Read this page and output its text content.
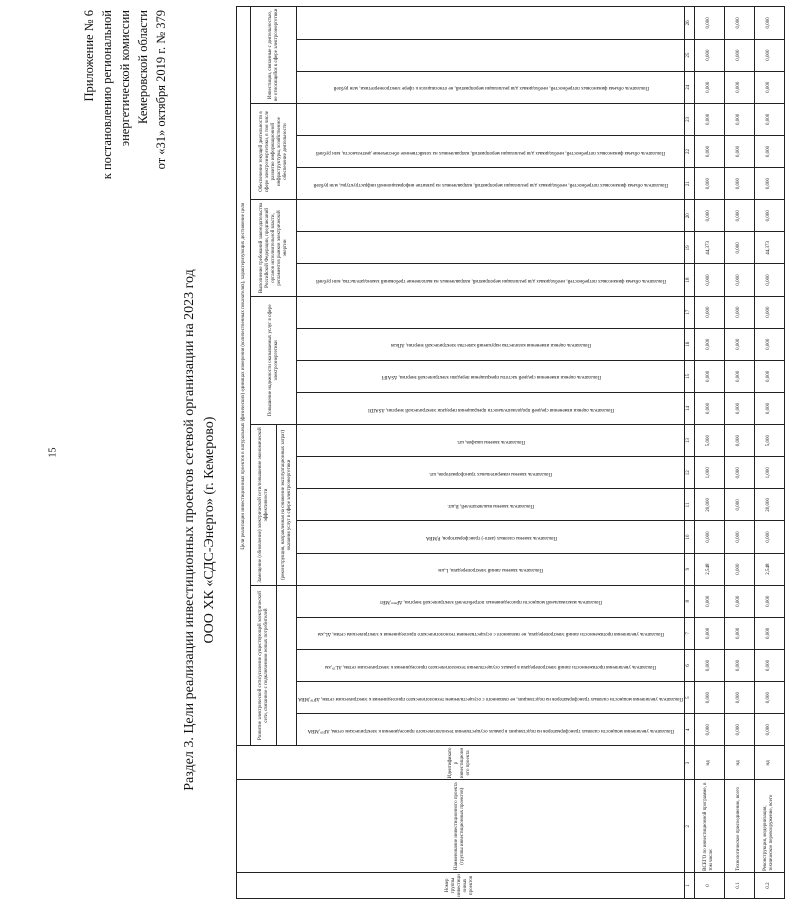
15
Приложение № 6 к постановлению региональной энергетической комиссии Кемеровской области от «31» октября 2019 г. № 379
Раздел 3. Цели реализации инвестиционных проектов сетевой организации на 2023 год ООО ХК «СДС-Энерго» (г. Кемерово)
Номер группы инвестиционных проектов	Наименование инвестиционного проекта (группы инвестиционных проектов)	Идентификатор инвестиционного проекта	Цели реализации инвестиционных проектов в натуральных (физических) единицах измерения (количественных показателях), характеризующих достижение цели																						
			Развитие электрической сети/усиление существующей электрической сети, связанное с подключением новых потребителей					Замещение (обновление) электрической сети/повышение экономической эффективности					Повышение надежности оказываемых услуг в сфере электроэнергетики				Выполнение требований законодательства Российской Федерации, предписаний органов исполнительной власти, регламентов рынков электрической энергии			Обеспечение текущей деятельности в сфере электроэнергетики, в том числе развитие информационной инфраструктуры, хозяйственное обеспечение деятельности			Инвестиции, связанные с деятельностью, не относящейся к сфере электроэнергетики		
								(реконструкция, направленная на снижение эксплуатационных затрат) оказания услуг в сфере электроэнергетики																	
			Показатель увеличения мощности силовых трансформаторов на подстанциях в рамках осуществления технологического присоединения к электрическим сетям, ΔPᵀᴾ,МВА	Показатель увеличения мощности силовых трансформаторов на подстанциях, не связанного с осуществлением технологического присоединения к электрическим сетям, ΔPᵀᴾ,МВА	Показатель увеличения протяженности линий электропередачи в рамках осуществления технологического присоединения к электрическим сетям, ΔLᵀᴾ,км	Показатель увеличения протяженности линий электропередачи, не связанного с осуществлением технологического присоединения к электрическим сетям, ΔL,км	Показатель максимальной мощности присоединяемых потребителей электрической энергии, ΔPᵐᵃˣ,МВт	Показатель замены линий электропередачи, L,км	Показатель замены силовых (авто-) трансформаторов, P,МВА	Показатель замены выключателей, B,шт.	Показатель замены измерительных трансформаторов, шт.	Показатель замены шкафов, шт.	Показатель оценки изменения средней продолжительности прекращения передачи электрической энергии, ΔSAIDI	Показатель оценки изменения средней частоты прекращения передачи электрической энергии, ΔSAIFI	Показатель оценки изменения количества нарушений качества электрической энергии, ΔПкач		Показатель объема финансовых потребностей, необходимых для реализации мероприятий, направленных на выполнение требований законодательства, млн рублей			Показатель объема финансовых потребностей, необходимых для реализации мероприятий, направленных на развитие информационной инфраструктуры, млн рублей	Показатель объема финансовых потребностей, необходимых для реализации мероприятий, направленных на хозяйственное обеспечение деятельности, млн рублей		Показатель объема финансовых потребностей, необходимых для реализации мероприятий, не относящихся к сфере электроэнергетики, млн рублей		
1	2	3	4	5	6	7	8	9	10	11	12	13	14	15	16	17	18	19	20	21	22	23	24	25	26
0	ВСЕГО по инвестиционной программе, в том числе:	нд	0,000	0,000	0,000	0,000	0,000	2,548	0,000	20,000	1,000	5,000	0,000	0,000	0,000	0,000	0,000	44,373	0,000	0,000	0,000	0,000	0,000	0,000	0,000
0.1	Технологическое присоединение, всего	нд	0,000	0,000	0,000	0,000	0,000	0,000	0,000	0,000	0,000	0,000	0,000	0,000	0,000	0,000	0,000	0,000	0,000	0,000	0,000	0,000	0,000	0,000	0,000
0.2	Реконструкция, модернизация, техническое перевооружение, всего	нд	0,000	0,000	0,000	0,000	0,000	2,548	0,000	20,000	1,000	5,000	0,000	0,000	0,000	0,000	0,000	44,373	0,000	0,000	0,000	0,000	0,000	0,000	0,000
